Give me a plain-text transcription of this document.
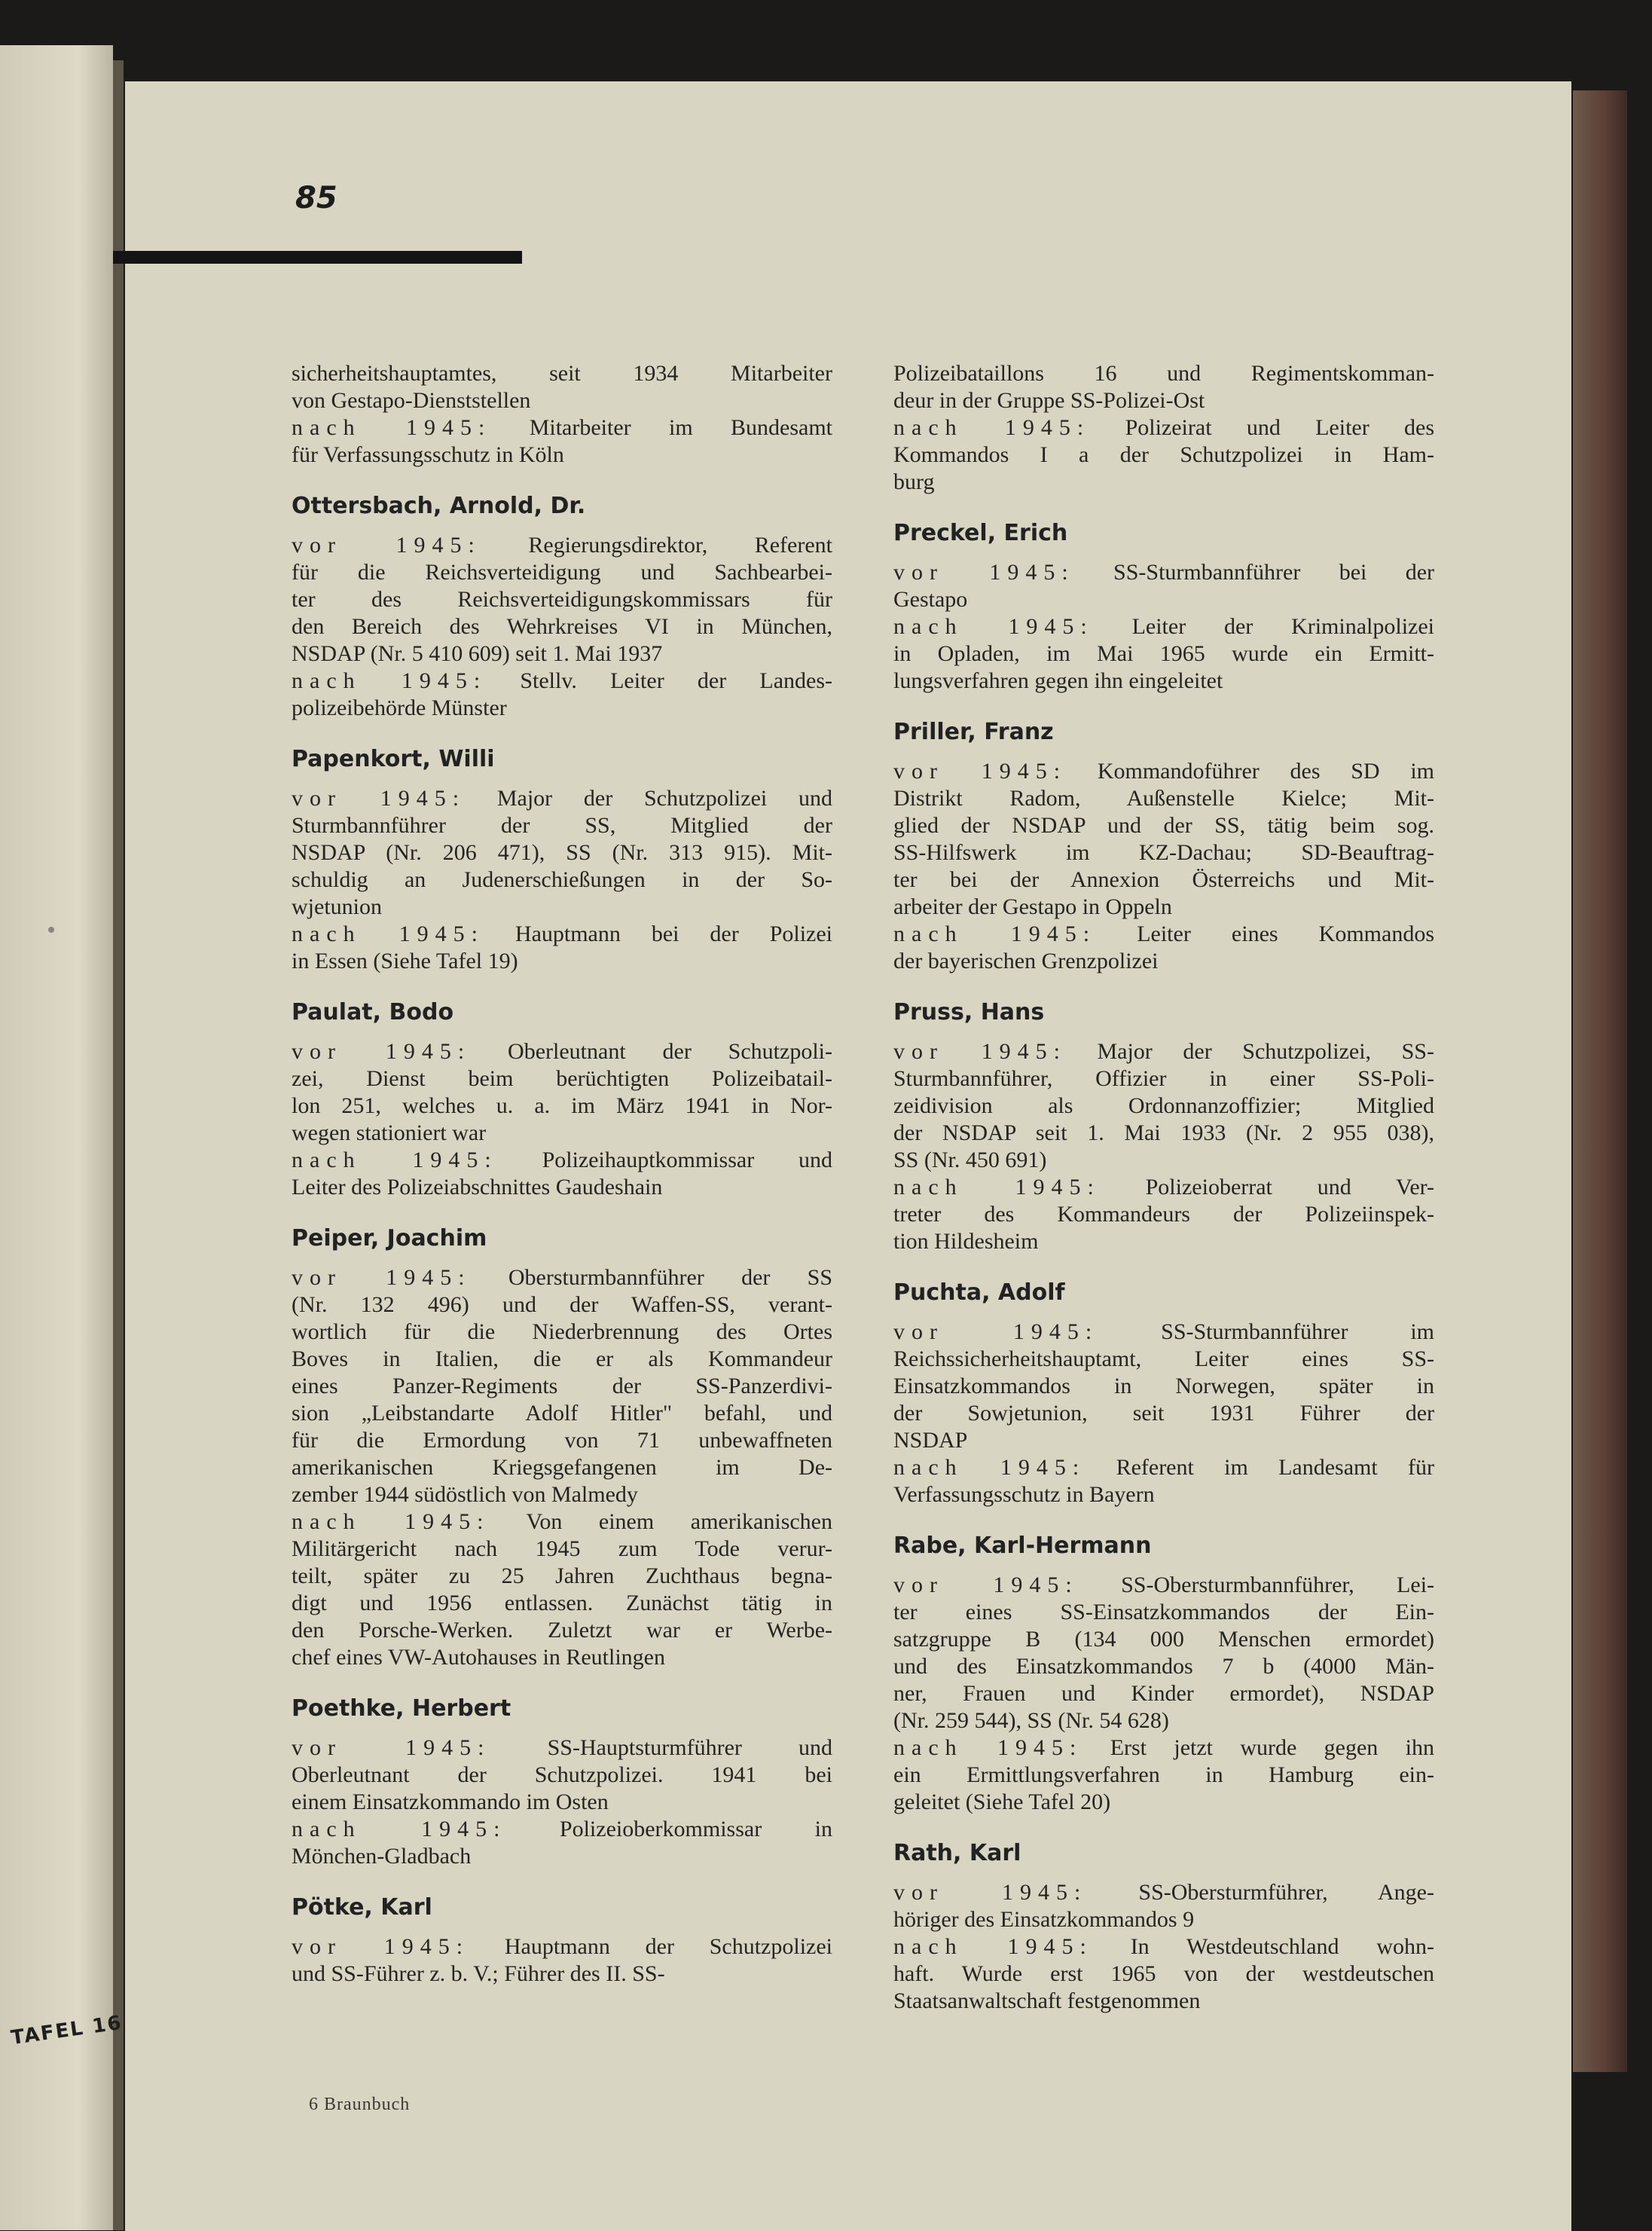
TAFEL 16
85
sicherheitshauptamtes, seit 1934 Mitarbeiter
von Gestapo-Dienststellen
nach 1945: Mitarbeiter im Bundesamt
für Verfassungsschutz in Köln
Ottersbach, Arnold, Dr.
vor 1945: Regierungsdirektor, Referent
für die Reichsverteidigung und Sachbearbei-
ter des Reichsverteidigungskommissars für
den Bereich des Wehrkreises VI in München,
NSDAP (Nr. 5 410 609) seit 1. Mai 1937
nach 1945: Stellv. Leiter der Landes-
polizeibehörde Münster
Papenkort, Willi
vor 1945: Major der Schutzpolizei und
Sturmbannführer der SS, Mitglied der
NSDAP (Nr. 206 471), SS (Nr. 313 915). Mit-
schuldig an Judenerschießungen in der So-
wjetunion
nach 1945: Hauptmann bei der Polizei
in Essen (Siehe Tafel 19)
Paulat, Bodo
vor 1945: Oberleutnant der Schutzpoli-
zei, Dienst beim berüchtigten Polizeibatail-
lon 251, welches u. a. im März 1941 in Nor-
wegen stationiert war
nach 1945: Polizeihauptkommissar und
Leiter des Polizeiabschnittes Gaudeshain
Peiper, Joachim
vor 1945: Obersturmbannführer der SS
(Nr. 132 496) und der Waffen-SS, verant-
wortlich für die Niederbrennung des Ortes
Boves in Italien, die er als Kommandeur
eines Panzer-Regiments der SS-Panzerdivi-
sion „Leibstandarte Adolf Hitler" befahl, und
für die Ermordung von 71 unbewaffneten
amerikanischen Kriegsgefangenen im De-
zember 1944 südöstlich von Malmedy
nach 1945: Von einem amerikanischen
Militärgericht nach 1945 zum Tode verur-
teilt, später zu 25 Jahren Zuchthaus begna-
digt und 1956 entlassen. Zunächst tätig in
den Porsche-Werken. Zuletzt war er Werbe-
chef eines VW-Autohauses in Reutlingen
Poethke, Herbert
vor 1945:	SS-Hauptsturmführer und
Oberleutnant der Schutzpolizei. 1941 bei
einem Einsatzkommando im Osten
nach 1945: Polizeioberkommissar in
Mönchen-Gladbach
Pötke, Karl
vor 1945: Hauptmann der Schutzpolizei
und SS-Führer z. b. V.; Führer des II. SS-
Polizeibataillons 16 und Regimentskomman-
deur in der Gruppe SS-Polizei-Ost
nach 1945: Polizeirat und Leiter des
Kommandos I a der Schutzpolizei in Ham-
burg
Preckel, Erich
vor 1945: SS-Sturmbannführer bei der
Gestapo
nach 1945: Leiter der Kriminalpolizei
in Opladen, im Mai 1965 wurde ein Ermitt-
lungsverfahren gegen ihn eingeleitet
Priller, Franz
vor 1945: Kommandoführer des SD im
Distrikt Radom, Außenstelle Kielce; Mit-
glied der NSDAP und der SS, tätig beim sog.
SS-Hilfswerk im KZ-Dachau; SD-Beauftrag-
ter bei der Annexion Österreichs und Mit-
arbeiter der Gestapo in Oppeln
nach 1945: Leiter eines Kommandos
der bayerischen Grenzpolizei
Pruss, Hans
vor 1945: Major der Schutzpolizei, SS-
Sturmbannführer, Offizier in einer SS-Poli-
zeidivision als Ordonnanzoffizier; Mitglied
der NSDAP seit 1. Mai 1933 (Nr. 2 955 038),
SS (Nr. 450 691)
nach 1945: Polizeioberrat und Ver-
treter des Kommandeurs der Polizeiinspek-
tion Hildesheim
Puchta, Adolf
vor 1945:	SS-Sturmbannführer im
Reichssicherheitshauptamt, Leiter eines SS-
Einsatzkommandos in Norwegen, später in
der Sowjetunion, seit 1931 Führer der
NSDAP
nach 1945: Referent im Landesamt für
Verfassungsschutz in Bayern
Rabe, Karl-Hermann
vor 1945: SS-Obersturmbannführer, Lei-
ter eines SS-Einsatzkommandos der Ein-
satzgruppe B (134 000 Menschen ermordet)
und des Einsatzkommandos 7 b (4000 Män-
ner, Frauen und Kinder ermordet), NSDAP
(Nr. 259 544), SS (Nr. 54 628)
nach 1945: Erst jetzt wurde gegen ihn
ein Ermittlungsverfahren in Hamburg ein-
geleitet (Siehe Tafel 20)
Rath, Karl
vor 1945: SS-Obersturmführer, Ange-
höriger des Einsatzkommandos 9
nach 1945: In Westdeutschland wohn-
haft. Wurde erst 1965 von der westdeutschen
Staatsanwaltschaft festgenommen
6 Braunbuch
